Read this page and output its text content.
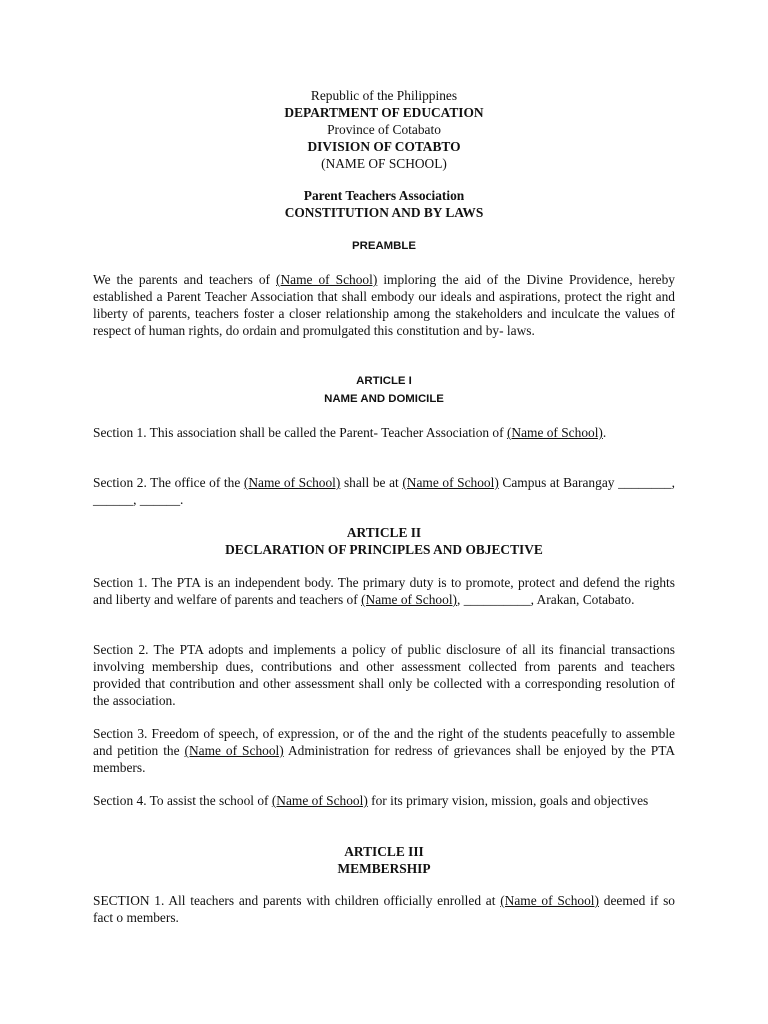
Republic of the Philippines

DEPARTMENT OF EDUCATION

Province of Cotabato

DIVISION OF COTABTO

(NAME OF SCHOOL)

Parent Teachers Association

CONSTITUTION AND BY LAWS

PREAMBLE

We the parents and teachers of (Name of School) imploring the aid of the Divine Providence, hereby established a Parent Teacher Association that shall embody our ideals and aspirations, protect the right and liberty of parents, teachers foster a closer relationship among the stakeholders and inculcate the values of respect of human rights, do ordain and promulgated this constitution and by- laws.

ARTICLE I

NAME AND DOMICILE

Section 1. This association shall be called the Parent- Teacher Association of (Name of School).

Section 2. The office of the (Name of School) shall be at (Name of School) Campus at Barangay ________, ______, ______.

ARTICLE II

DECLARATION OF PRINCIPLES AND OBJECTIVE

Section 1. The PTA is an independent body. The primary duty is to promote, protect and defend the rights and liberty and welfare of parents and teachers of (Name of School), __________, Arakan, Cotabato.

Section 2. The PTA adopts and implements a policy of public disclosure of all its financial transactions involving membership dues, contributions and other assessment collected from parents and teachers provided that contribution and other assessment shall only be collected with a corresponding resolution of the association.

Section 3. Freedom of speech, of expression, or of the and the right of the students peacefully to assemble and petition the (Name of School) Administration for redress of grievances shall be enjoyed by the PTA members.

Section 4. To assist the school of (Name of School) for its primary vision, mission, goals and objectives

ARTICLE III

MEMBERSHIP

SECTION 1. All teachers and parents with children officially enrolled at (Name of School) deemed if so fact o members.
